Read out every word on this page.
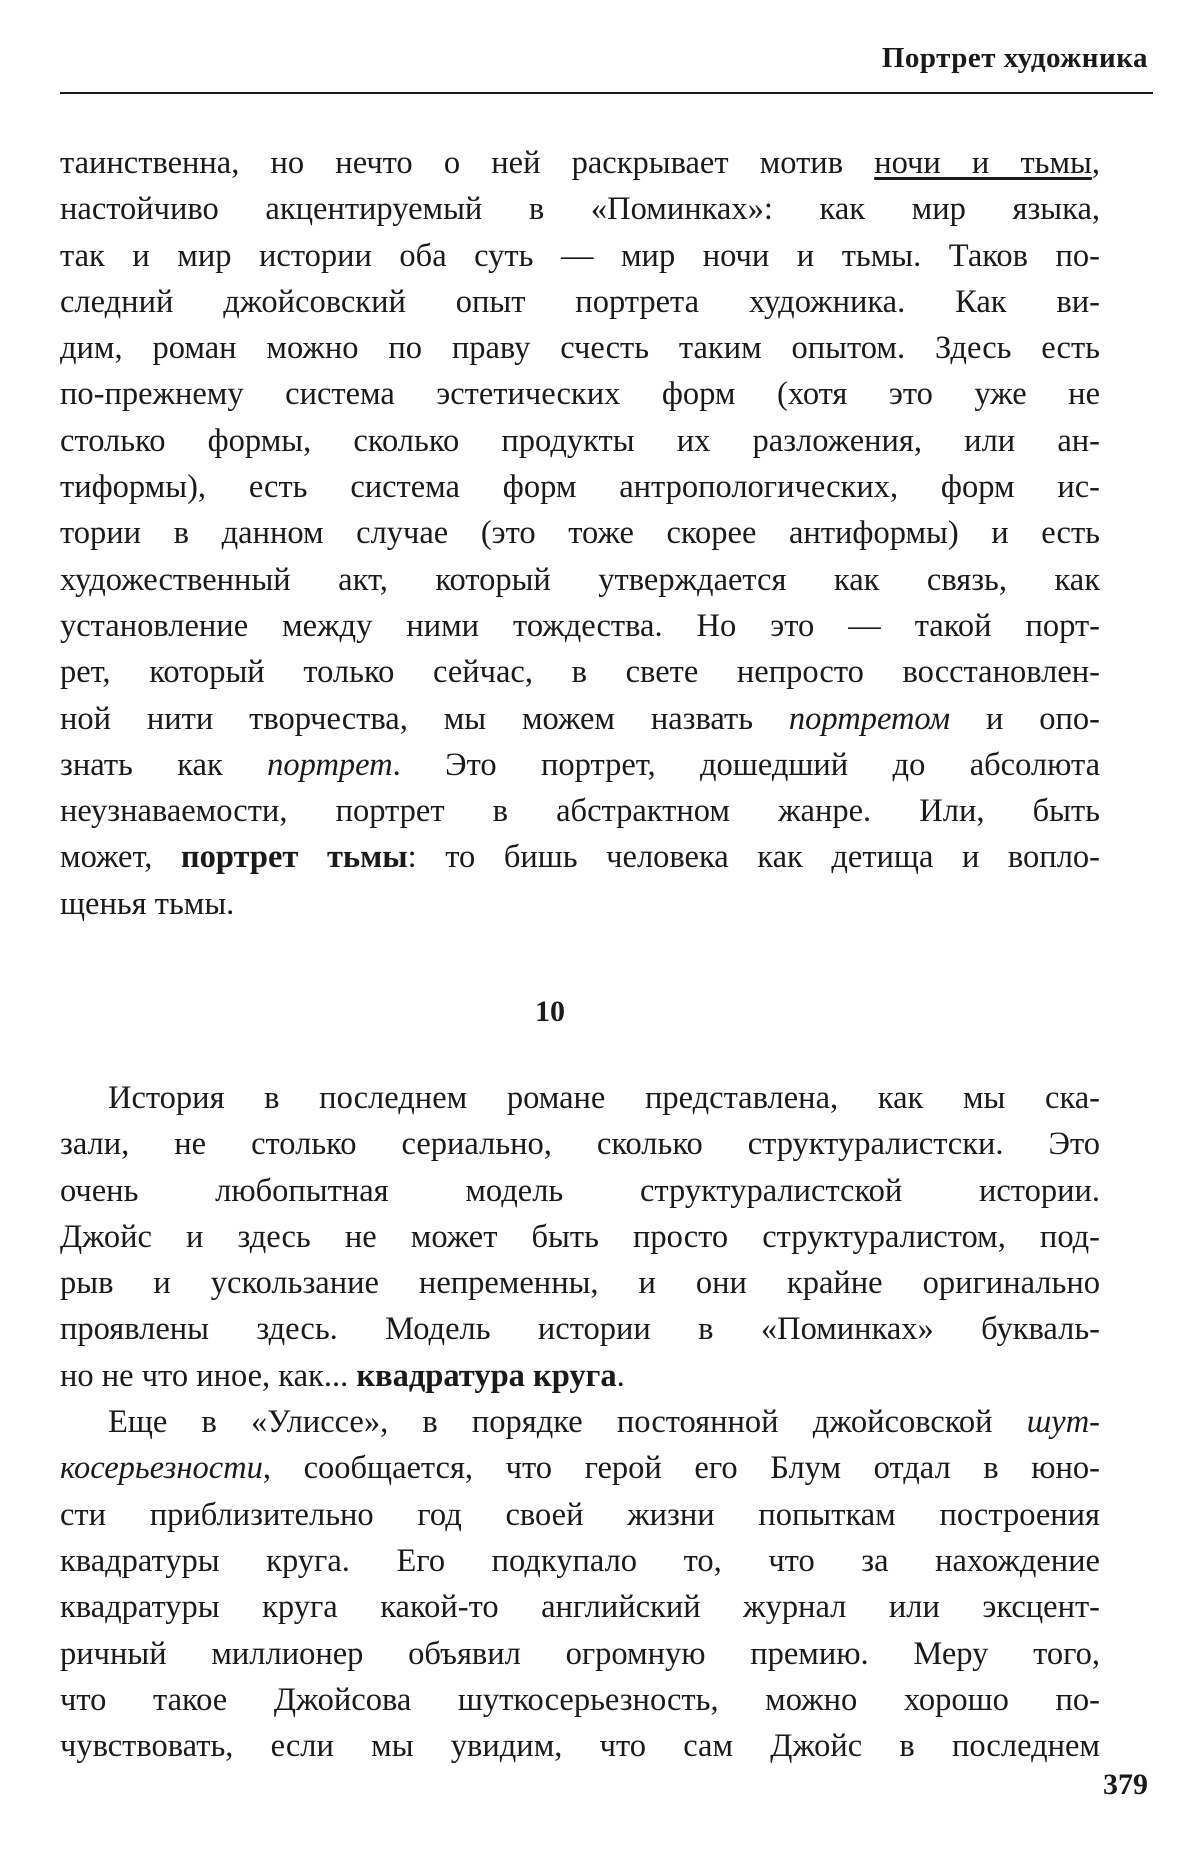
Портрет художника
таинственна, но нечто о ней раскрывает мотив ночи и тьмы,
настойчиво акцентируемый в «Поминках»: как мир языка,
так и мир истории оба суть — мир ночи и тьмы. Таков по-
следний джойсовский опыт портрета художника. Как ви-
дим, роман можно по праву счесть таким опытом. Здесь есть
по-прежнему система эстетических форм (хотя это уже не
столько формы, сколько продукты их разложения, или ан-
тиформы), есть система форм антропологических, форм ис-
тории в данном случае (это тоже скорее антиформы) и есть
художественный акт, который утверждается как связь, как
установление между ними тождества. Но это — такой порт-
рет, который только сейчас, в свете непросто восстановлен-
ной нити творчества, мы можем назвать портретом и опо-
знать как портрет. Это портрет, дошедший до абсолюта
неузнаваемости, портрет в абстрактном жанре. Или, быть
может, портрет тьмы: то бишь человека как детища и вопло-
щенья тьмы.
10
История в последнем романе представлена, как мы ска-
зали, не столько сериально, сколько структуралистски. Это
очень любопытная модель структуралистской истории.
Джойс и здесь не может быть просто структуралистом, под-
рыв и ускользание непременны, и они крайне оригинально
проявлены здесь. Модель истории в «Поминках» букваль-
но не что иное, как... квадратура круга.
Еще в «Улиссе», в порядке постоянной джойсовской шут-
косерьезности, сообщается, что герой его Блум отдал в юно-
сти приблизительно год своей жизни попыткам построения
квадратуры круга. Его подкупало то, что за нахождение
квадратуры круга какой-то английский журнал или эксцент-
ричный миллионер объявил огромную премию. Меру того,
что такое Джойсова шуткосерьезность, можно хорошо по-
чувствовать, если мы увидим, что сам Джойс в последнем
379
